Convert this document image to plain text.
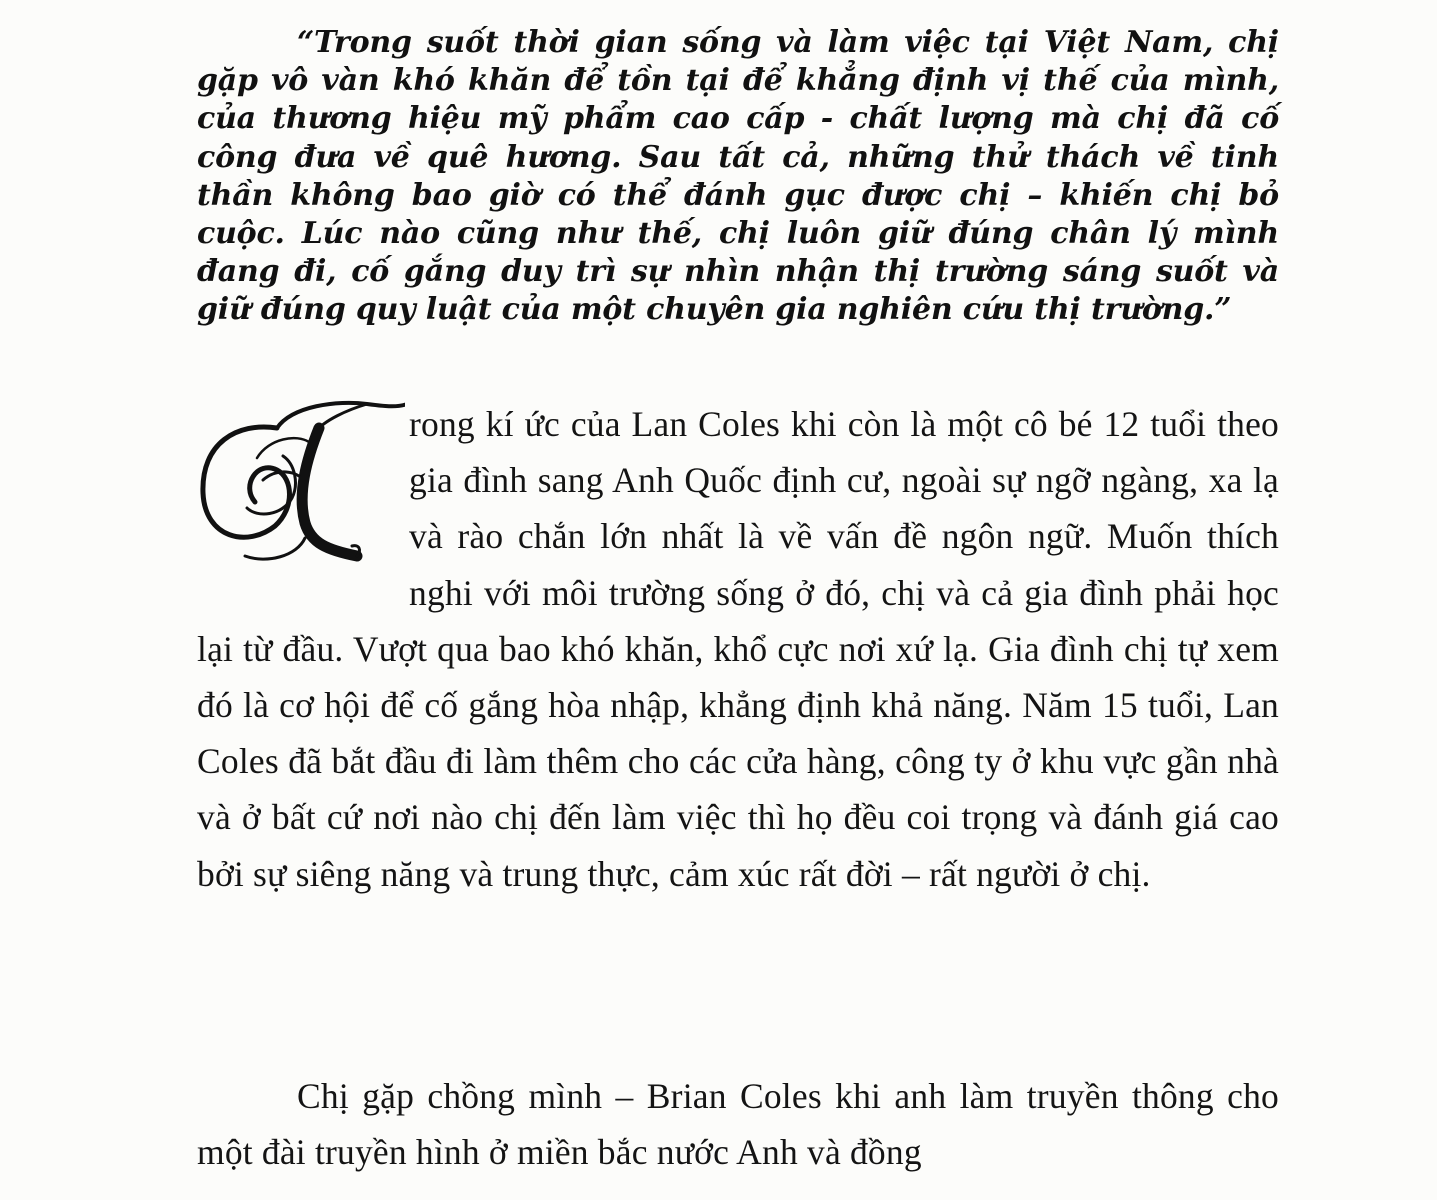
“Trong suốt thời gian sống và làm việc tại Việt Nam, chị gặp vô vàn khó khăn để tồn tại để khẳng định vị thế của mình, của thương hiệu mỹ phẩm cao cấp - chất lượng mà chị đã cố công đưa về quê hương. Sau tất cả, những thử thách về tinh thần không bao giờ có thể đánh gục được chị – khiến chị bỏ cuộc. Lúc nào cũng như thế, chị luôn giữ đúng chân lý mình đang đi, cố gắng duy trì sự nhìn nhận thị trường sáng suốt và giữ đúng quy luật của một chuyên gia nghiên cứu thị trường.”

rong kí ức của Lan Coles khi còn là một cô bé 12 tuổi theo gia đình sang Anh Quốc định cư, ngoài sự ngỡ ngàng, xa lạ và rào chắn lớn nhất là về vấn đề ngôn ngữ. Muốn thích nghi với môi trường sống ở đó, chị và cả gia đình phải học lại từ đầu. Vượt qua bao khó khăn, khổ cực nơi xứ lạ. Gia đình chị tự xem đó là cơ hội để cố gắng hòa nhập, khẳng định khả năng. Năm 15 tuổi, Lan Coles đã bắt đầu đi làm thêm cho các cửa hàng, công ty ở khu vực gần nhà và ở bất cứ nơi nào chị đến làm việc thì họ đều coi trọng và đánh giá cao bởi sự siêng năng và trung thực, cảm xúc rất đời – rất người ở chị.

Chị gặp chồng mình – Brian Coles khi anh làm truyền thông cho một đài truyền hình ở miền bắc nước Anh và đồng
